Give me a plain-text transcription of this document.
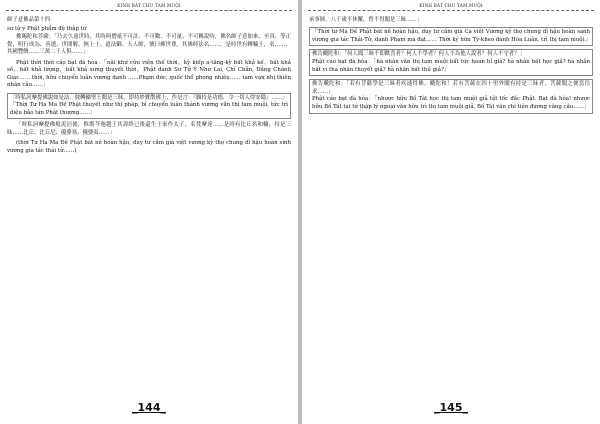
KINH BÁT CHU TAM MUỘI

師子意佛品第十四

sư tử ý Phật phẩm đệ thập tứ

佛賜陀和菩薩：「乃去久遠世時，其時阿僧祇不可計、不可數、不可量、不可稱說時，佛名師子意如來、至真、等正覺，明行成為、善逝、世間解、無上士、道法御、天人師，號曰佛世尊。其佛時法名……。是時世有轉輪王，名……，其國豐饒……三萬二千人俱……」

Phật thời thời cáo bạt đà hòa：「nãi khứ cửu viễn thế thời，kỳ kiếp a-tăng-kỳ bất khả kế，bất khả số，bất khả lượng，bất khả xưng thuyết thời，Phật danh Sư Tử Ý Như Lai, Chí Chân, Đẳng Chánh Giác…… thời, hữu chuyển luân vương danh ……Phạm đức, quốc thổ phong nhiêu…… tam vạn nhị thiên nhân câu……」

「時私訶摩提佛說如是法，彼轉輪聖王聞是三昧，即持妙寶散佛上，作是言：『願持是功德，令一切人得安隱』……」

「Thời Tư Ha Ma Đề Phật thuyết như thị pháp, bỉ chuyển luân thánh vương văn thị tam muội, tức trì diệu bảo tán Phật thượng……」

「時私訶摩提佛般泥洹後，惟斯芩迦越王其壽終已後還生王家作太子，名梵摩達……是時有比丘名和輪，持是三昧……比丘、比丘尼、優婆塞、優婆夷……」

(thời Tư Ha Ma Đề Phật bát nê hoàn hậu, duy tư cầm già việt vương kỳ thọ chung dĩ hậu hoàn sinh vương gia tác thái tử……)

_144_
KINH BÁT CHU TAM MUỘI

承事師，八千歲不休懈，曾不得聞是三昧……」

「Thời tư Ma Đề Phật bát nê hoàn hậu, duy tư cầm già Ca việt Vương kỳ thọ chung dĩ hậu hoàn sanh vương gia tác Thái-Tử, danh Phạm ma đạt…… Thời ký hữu Tỳ-kheo danh Hòa Luân, trì thị tam muội.」

佛告颰陀和：「何人聞三昧不即歡喜者？何人不學者？何人不為他人說者？何人不守者？」

Phật cáo bạt đà hòa：「hà nhân văn thị tam muội bất tức hoan hỉ giả? hà nhân bất học giả? hà nhân bất vi tha nhân thuyết giả? hà nhân bất thủ giả?」

佛告颰陀和：「若有菩薩學是三昧者疾速得佛。颰陀和！若有菩薩在四十里外聞有持是三昧者，菩薩聞之便當往求……」

Phật cáo bạt đà hòa：「nhược hữu Bồ Tát học thị tam muội giả tật tốc đắc Phật. Bạt đà hòa! nhược hữu Bồ Tát tại tứ thập lý ngoại văn hữu trì thị tam muội giả, Bồ Tát văn chi tiện đương vãng cầu……」

_145_
